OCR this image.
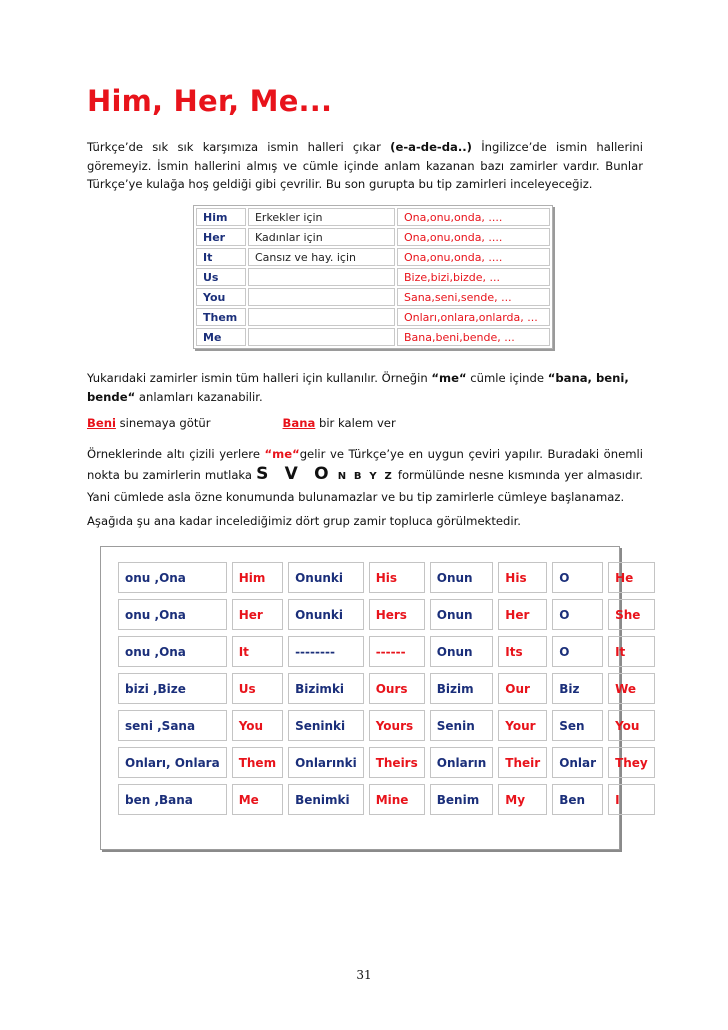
Him, Her, Me...

Türkçe’de sık sık karşımıza ismin halleri çıkar (e-a-de-da..) İngilizce’de ismin hallerini göremeyiz. İsmin hallerini almış ve cümle içinde anlam kazanan bazı zamirler vardır. Bunlar Türkçe’ye kulağa hoş geldiği gibi çevrilir. Bu son gurupta bu tip zamirleri inceleyeceğiz.

Him	Erkekler için	Ona,onu,onda, ....
Her	Kadınlar için	Ona,onu,onda, ....
It	Cansız ve hay. için	Ona,onu,onda, ....
Us		Bize,bizi,bizde, ...
You		Sana,seni,sende, ...
Them		Onları,onlara,onlarda, ...
Me		Bana,beni,bende, ...

Yukarıdaki zamirler ismin tüm halleri için kullanılır. Örneğin “me“ cümle içinde “bana, beni, bende“ anlamları kazanabilir.

Beni sinemaya götür	Bana bir kalem ver

Örneklerinde altı çizili yerlere “me“gelir ve Türkçe’ye en uygun çeviri yapılır. Buradaki önemli nokta bu zamirlerin mutlaka S V O N B Y Z formülünde nesne kısmında yer almasıdır. Yani cümlede asla özne konumunda bulunamazlar ve bu tip zamirlerle cümleye başlanamaz.

Aşağıda şu ana kadar incelediğimiz dört grup zamir topluca görülmektedir.

onu ,Ona	Him	Onunki	His	Onun	His	O	He
onu ,Ona	Her	Onunki	Hers	Onun	Her	O	She
onu ,Ona	It	--------	------	Onun	Its	O	It
bizi ,Bize	Us	Bizimki	Ours	Bizim	Our	Biz	We
seni ,Sana	You	Seninki	Yours	Senin	Your	Sen	You
Onları, Onlara	Them	Onlarınki	Theirs	Onların	Their	Onlar	They
ben ,Bana	Me	Benimki	Mine	Benim	My	Ben	I
31
